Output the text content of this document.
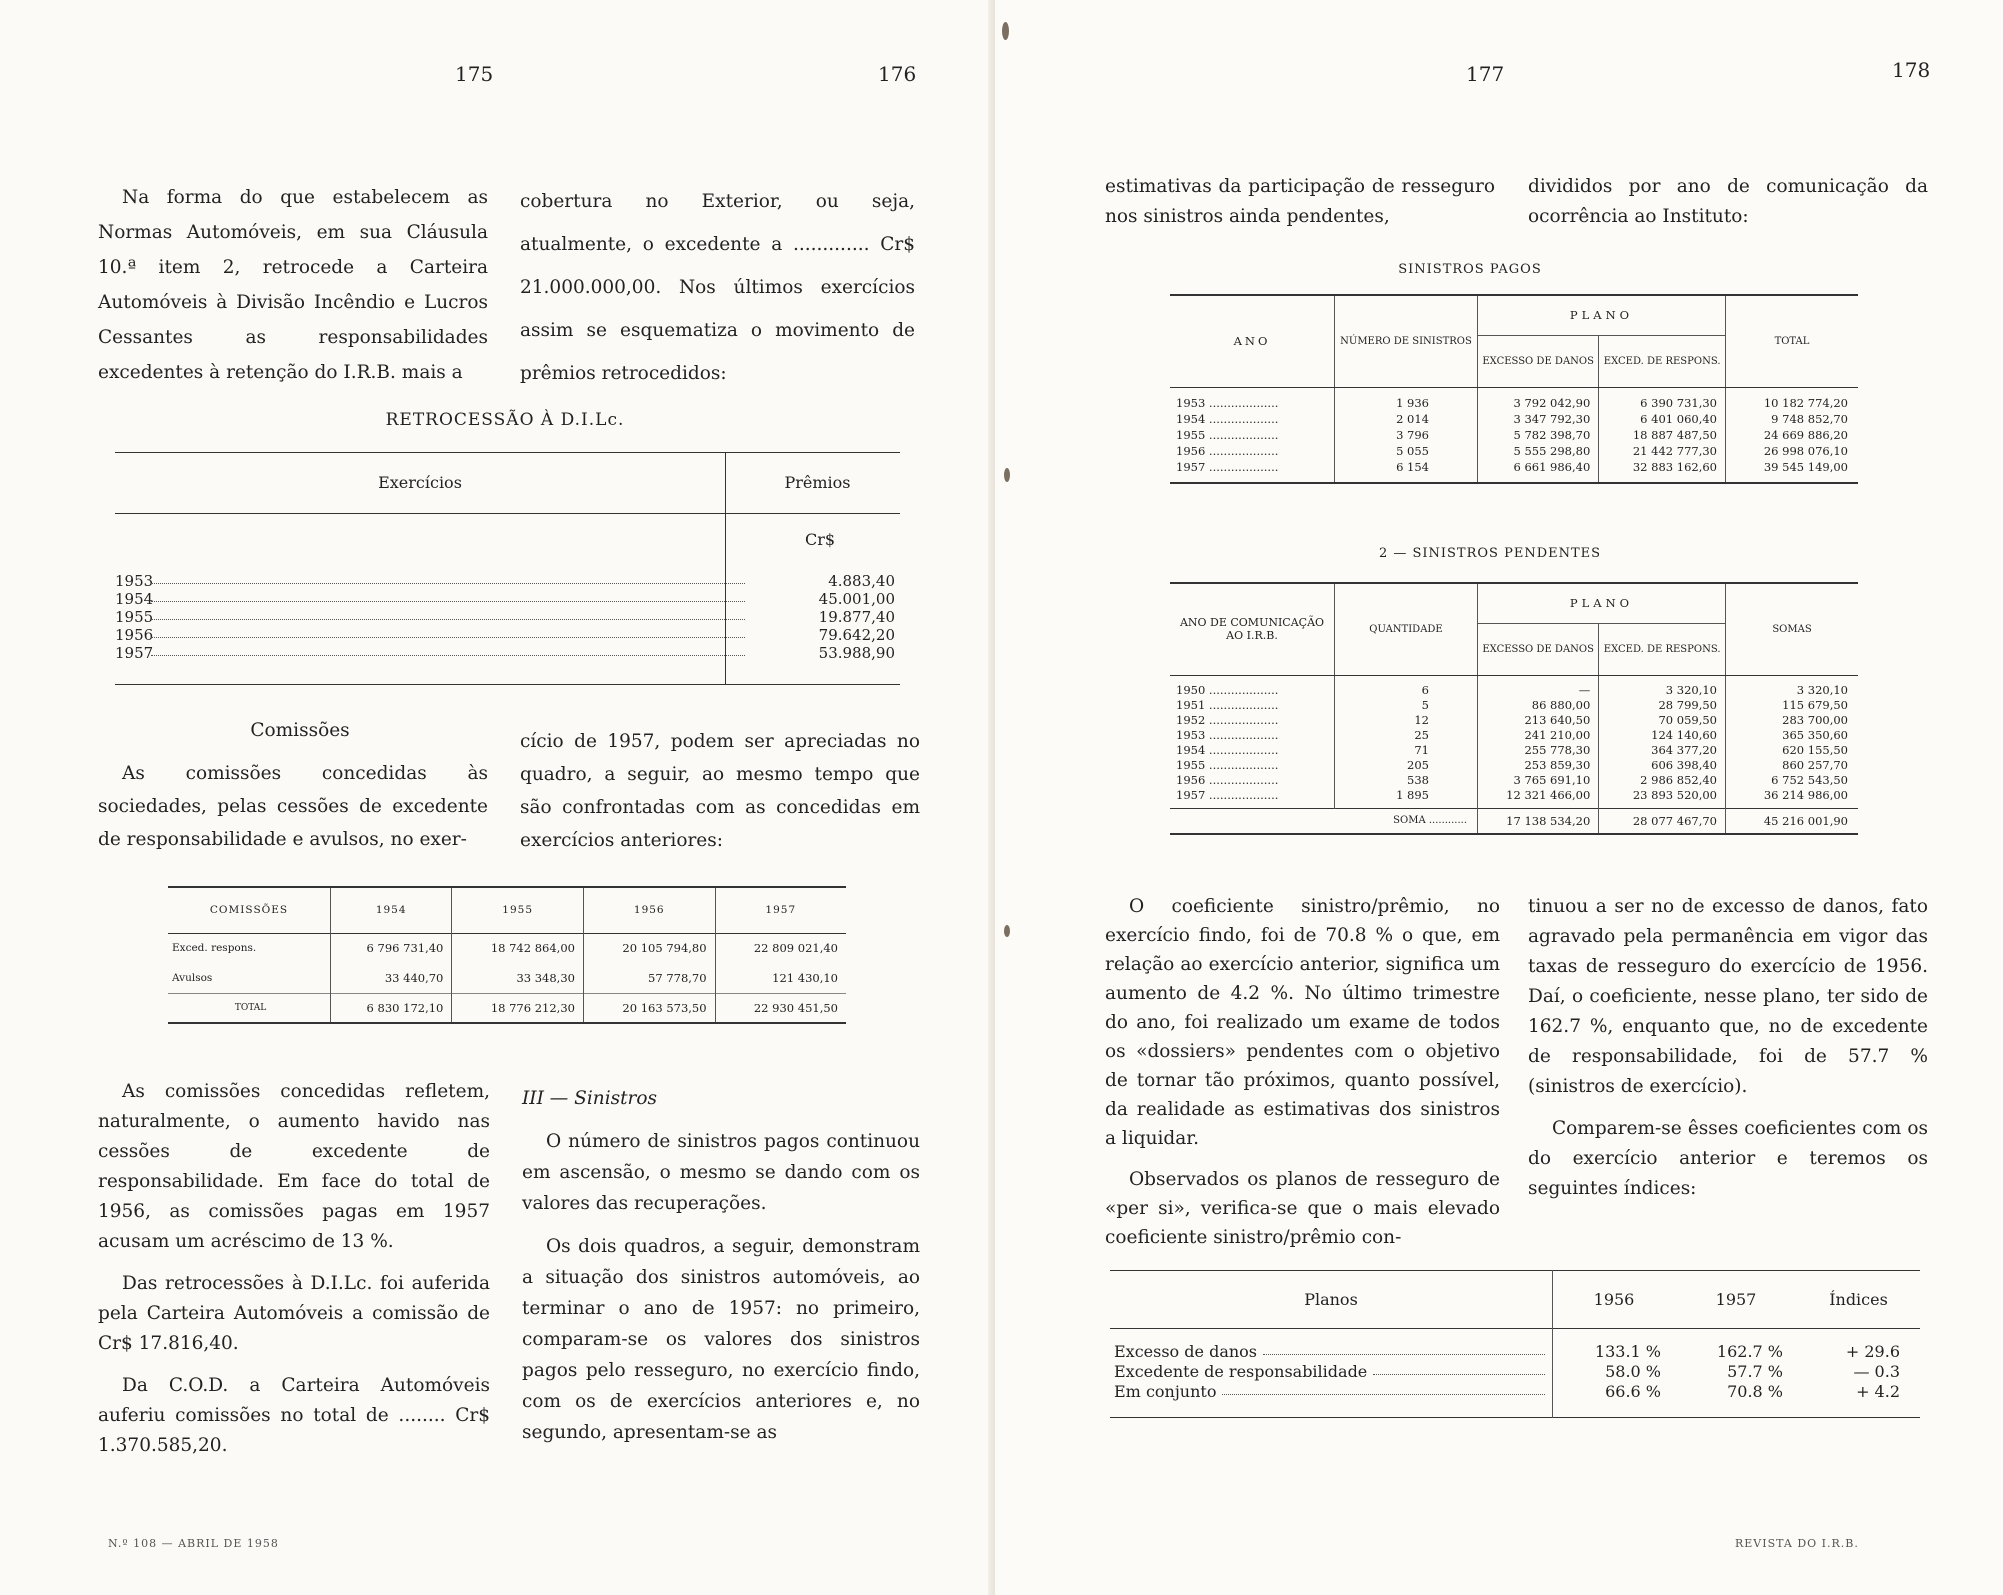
175	176	177	178

Na forma do que estabelecem as Normas Automóveis, em sua Cláusula 10.ª item 2, retrocede a Carteira Automóveis à Divisão Incêndio e Lucros Cessantes as responsabilidades excedentes à retenção do I.R.B. mais a

cobertura no Exterior, ou seja, atualmente, o excedente a ............. Cr$ 21.000.000,00. Nos últimos exercícios assim se esquematiza o movimento de prêmios retrocedidos:

RETROCESSÃO À D.I.Lc.
Exercícios	Prêmios
Cr$
1953	4.883,40
1954	45.001,00
1955	19.877,40
1956	79.642,20
1957	53.988,90
Comissões

As comissões concedidas às sociedades, pelas cessões de excedente de responsabilidade e avulsos, no exer-

cício de 1957, podem ser apreciadas no quadro, a seguir, ao mesmo tempo que são confrontadas com as concedidas em exercícios anteriores:

COMISSÕES	1954	1955	1956	1957
Exced. respons.	6 796 731,40	18 742 864,00	20 105 794,80	22 809 021,40
Avulsos	33 440,70	33 348,30	57 778,70	121 430,10
TOTAL	6 830 172,10	18 776 212,30	20 163 573,50	22 930 451,50

As comissões concedidas refletem, naturalmente, o aumento havido nas cessões de excedente de responsabilidade. Em face do total de 1956, as comissões pagas em 1957 acusam um acréscimo de 13 %.

Das retrocessões à D.I.Lc. foi auferida pela Carteira Automóveis a comissão de Cr$ 17.816,40.

Da C.O.D. a Carteira Automóveis auferiu comissões no total de ........ Cr$ 1.370.585,20.

III — Sinistros

O número de sinistros pagos continuou em ascensão, o mesmo se dando com os valores das recuperações.

Os dois quadros, a seguir, demonstram a situação dos sinistros automóveis, ao terminar o ano de 1957: no primeiro, comparam-se os valores dos sinistros pagos pelo resseguro, no exercício findo, com os de exercícios anteriores e, no segundo, apresentam-se as

N.º 108 — ABRIL DE 1958

estimativas da participação de resseguro nos sinistros ainda pendentes,

divididos por ano de comunicação da ocorrência ao Instituto:

SINISTROS PAGOS
ANO	NÚMERO DE SINISTROS	PLANO		TOTAL
		EXCESSO DE DANOS	EXCED. DE RESPONS.	
1953 ...................	1 936	3 792 042,90	6 390 731,30	10 182 774,20
1954 ...................	2 014	3 347 792,30	6 401 060,40	9 748 852,70
1955 ...................	3 796	5 782 398,70	18 887 487,50	24 669 886,20
1956 ...................	5 055	5 555 298,80	21 442 777,30	26 998 076,10
1957 ...................	6 154	6 661 986,40	32 883 162,60	39 545 149,00
2 — SINISTROS PENDENTES
ANO DE COMUNICAÇÃO AO I.R.B.	QUANTIDADE	PLANO		SOMAS
		EXCESSO DE DANOS	EXCED. DE RESPONS.	
1950 ...................	6	—	3 320,10	3 320,10
1951 ...................	5	86 880,00	28 799,50	115 679,50
1952 ...................	12	213 640,50	70 059,50	283 700,00
1953 ...................	25	241 210,00	124 140,60	365 350,60
1954 ...................	71	255 778,30	364 377,20	620 155,50
1955 ...................	205	253 859,30	606 398,40	860 257,70
1956 ...................	538	3 765 691,10	2 986 852,40	6 752 543,50
1957 ...................	1 895	12 321 466,00	23 893 520,00	36 214 986,00
SOMA ............		17 138 534,20	28 077 467,70	45 216 001,90

O coeficiente sinistro/prêmio, no exercício findo, foi de 70.8 % o que, em relação ao exercício anterior, significa um aumento de 4.2 %. No último trimestre do ano, foi realizado um exame de todos os «dossiers» pendentes com o objetivo de tornar tão próximos, quanto possível, da realidade as estimativas dos sinistros a liquidar.

Observados os planos de resseguro de «per si», verifica-se que o mais elevado coeficiente sinistro/prêmio con-

tinuou a ser no de excesso de danos, fato agravado pela permanência em vigor das taxas de resseguro do exercício de 1956. Daí, o coeficiente, nesse plano, ter sido de 162.7 %, enquanto que, no de excedente de responsabilidade, foi de 57.7 % (sinistros de exercício).

Comparem-se êsses coeficientes com os do exercício anterior e teremos os seguintes índices:

Planos	1956	1957	Índices

Excesso de danos	133.1 %	162.7 %	+ 29.6

Excedente de responsabilidade	58.0 %	57.7 %	— 0.3

Em conjunto	66.6 %	70.8 %	+ 4.2
REVISTA DO I.R.B.
